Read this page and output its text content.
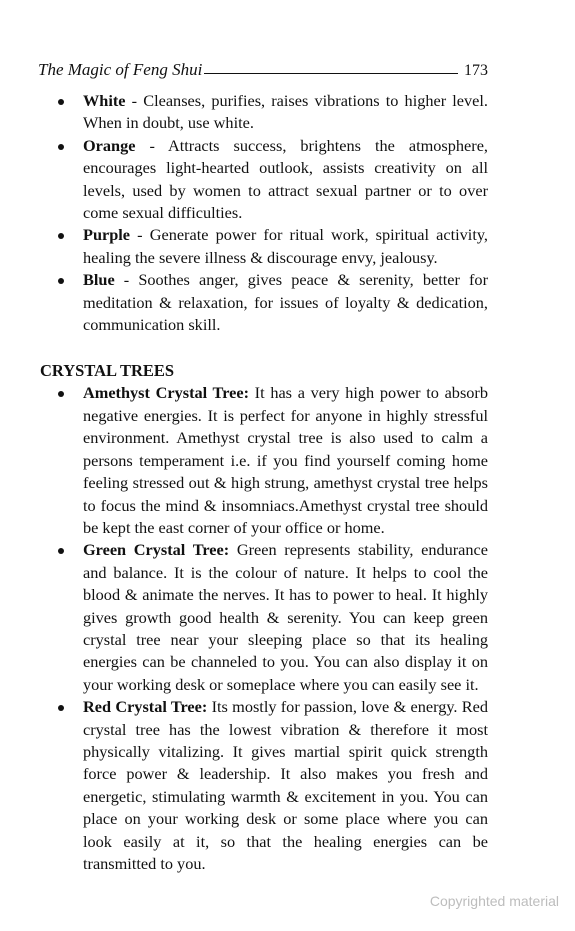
The Magic of Feng Shui	173
White - Cleanses, purifies, raises vibrations to higher level. When in doubt, use white.
Orange - Attracts success, brightens the atmosphere, encourages light-hearted outlook, assists creativity on all levels, used by women to attract sexual partner or to over come sexual difficulties.
Purple - Generate power for ritual work, spiritual activity, healing the severe illness & discourage envy, jealousy.
Blue - Soothes anger, gives peace & serenity, better for meditation & relaxation, for issues of loyalty & dedication, communication skill.
CRYSTAL TREES
Amethyst Crystal Tree: It has a very high power to absorb negative energies. It is perfect for anyone in highly stressful environment. Amethyst crystal tree is also used to calm a persons temperament i.e. if you find yourself coming home feeling stressed out & high strung, amethyst crystal tree helps to focus the mind & insomniacs.Amethyst crystal tree should be kept the east corner of your office or home.
Green Crystal Tree: Green represents stability, endurance and balance. It is the colour of nature. It helps to cool the blood & animate the nerves. It has to power to heal. It highly gives growth good health & serenity. You can keep green crystal tree near your sleeping place so that its healing energies can be channeled to you. You can also display it on your working desk or someplace where you can easily see it.
Red Crystal Tree: Its mostly for passion, love & energy. Red crystal tree has the lowest vibration & therefore it most physically vitalizing. It gives martial spirit quick strength force power & leadership. It also makes you fresh and energetic, stimulating warmth & excitement in you. You can place on your working desk or some place where you can look easily at it, so that the healing energies can be transmitted to you.
Copyrighted material
